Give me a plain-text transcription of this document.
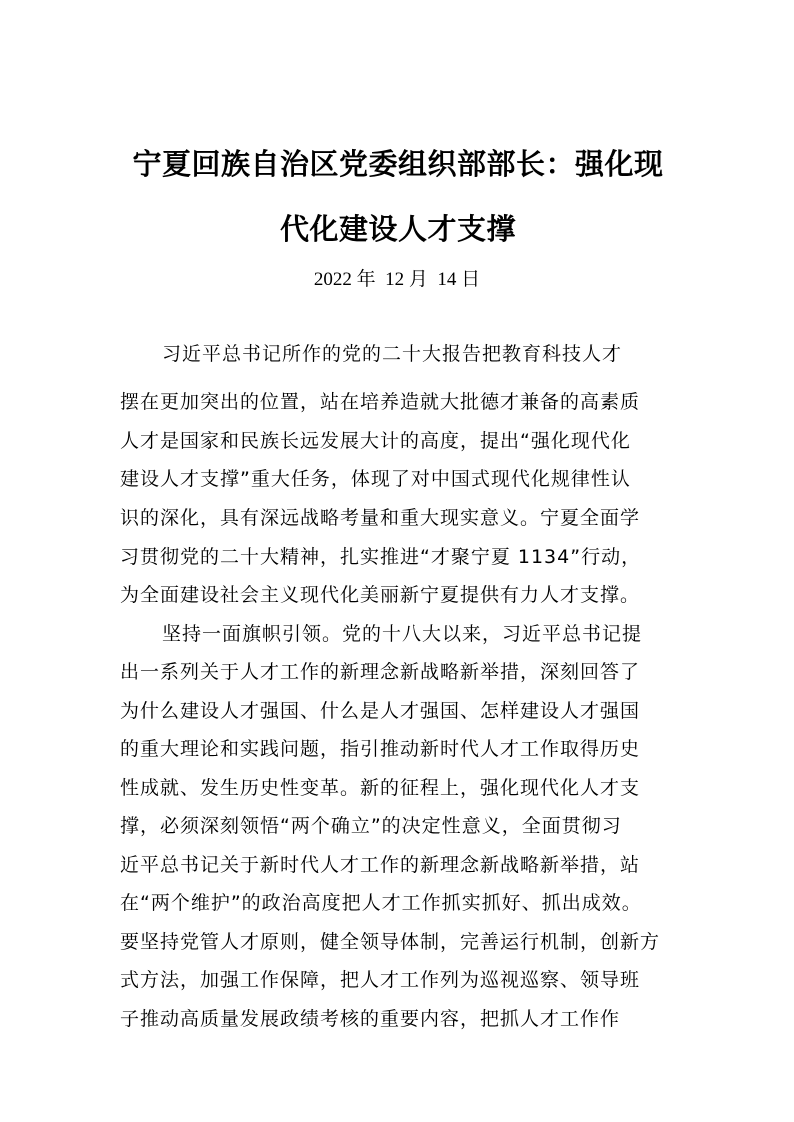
宁夏回族自治区党委组织部部长：强化现
代化建设人才支撑
2022 年  12 月  14 日
习近平总书记所作的党的二十大报告把教育科技人才
摆在更加突出的位置，站在培养造就大批德才兼备的高素质
人才是国家和民族长远发展大计的高度，提出“强化现代化
建设人才支撑”重大任务，体现了对中国式现代化规律性认
识的深化，具有深远战略考量和重大现实意义。宁夏全面学
习贯彻党的二十大精神，扎实推进“才聚宁夏 1134”行动，
为全面建设社会主义现代化美丽新宁夏提供有力人才支撑。
坚持一面旗帜引领。党的十八大以来，习近平总书记提
出一系列关于人才工作的新理念新战略新举措，深刻回答了
为什么建设人才强国、什么是人才强国、怎样建设人才强国
的重大理论和实践问题，指引推动新时代人才工作取得历史
性成就、发生历史性变革。新的征程上，强化现代化人才支
撑，必须深刻领悟“两个确立”的决定性意义，全面贯彻习
近平总书记关于新时代人才工作的新理念新战略新举措，站
在“两个维护”的政治高度把人才工作抓实抓好、抓出成效。
要坚持党管人才原则，健全领导体制，完善运行机制，创新方
式方法，加强工作保障，把人才工作列为巡视巡察、领导班
子推动高质量发展政绩考核的重要内容，把抓人才工作作
